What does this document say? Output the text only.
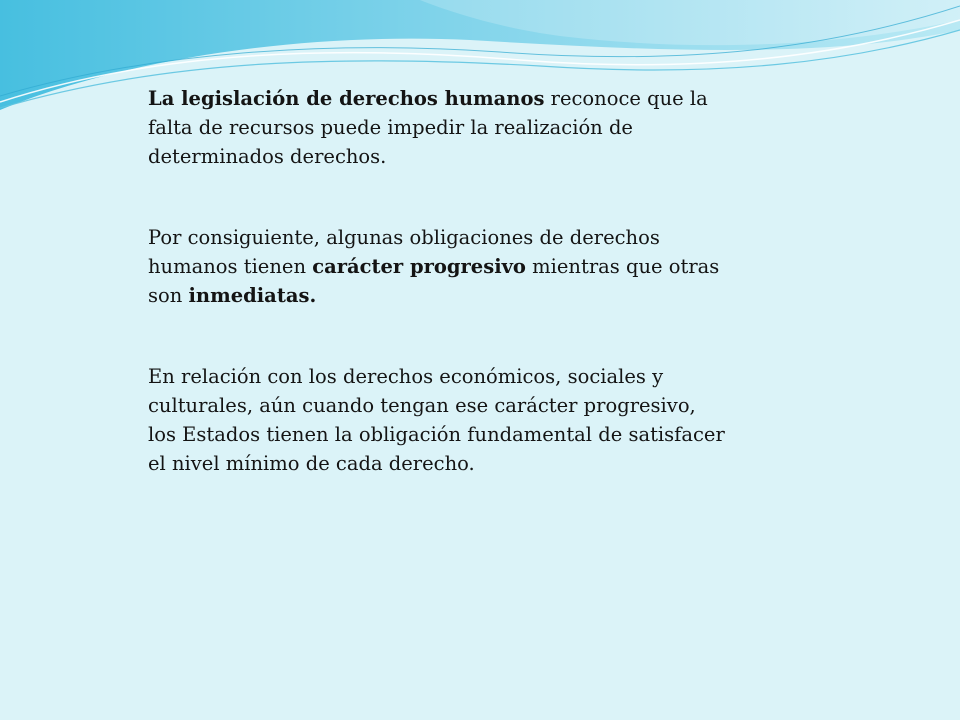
La legislación de derechos humanos reconoce que la falta de recursos puede impedir la realización de determinados derechos.

Por consiguiente, algunas obligaciones de derechos humanos tienen carácter progresivo mientras que otras son inmediatas.

En relación con los derechos económicos, sociales y culturales, aún cuando tengan ese carácter progresivo, los Estados tienen la obligación fundamental de satisfacer el nivel mínimo de cada derecho.
